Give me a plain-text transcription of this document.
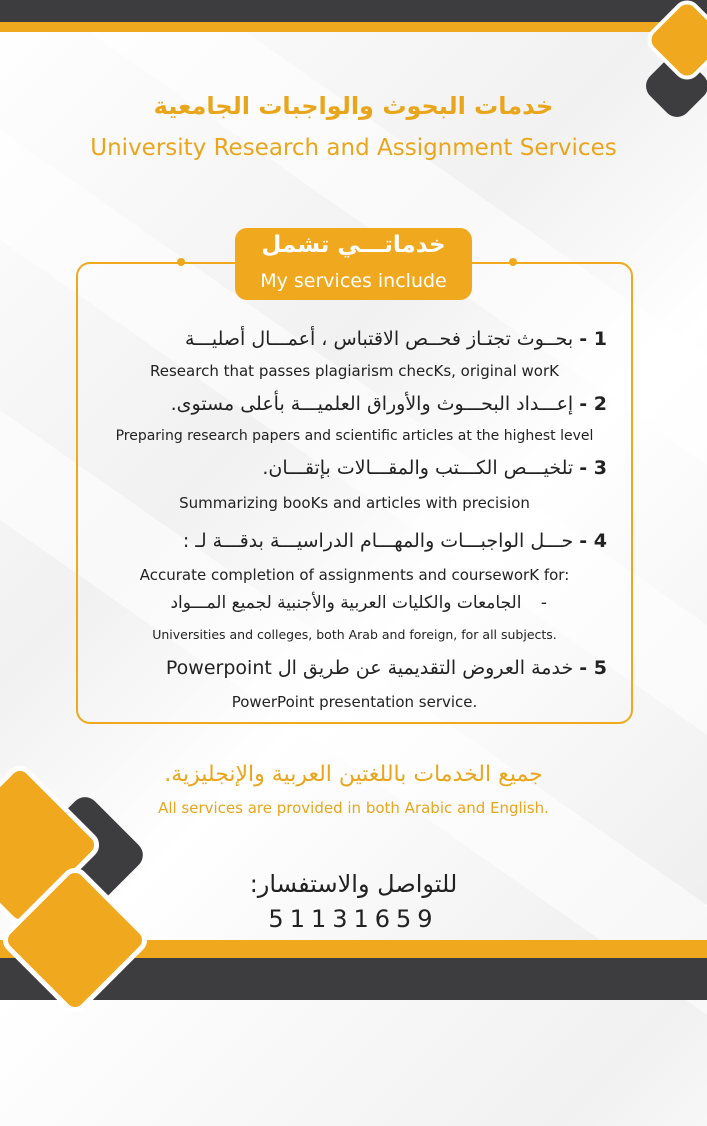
خدمات البحوث والواجبات الجامعية
University Research and Assignment Services
خدماتـــي تشمل
My services include
1 - بحــوث تجتـاز فحــص الاقتباس ، أعمـــال أصليـــة
Research that passes plagiarism checKs, original worK
2 - إعـــداد البحـــوث والأوراق العلميـــة بأعلى مستوى.
Preparing research papers and scientific articles at the highest level
3 - تلخيـــص الكـــتب والمقـــالات بإتقـــان.
Summarizing booKs and articles with precision
4 - حـــل الواجبـــات والمهـــام الدراسيـــة بدقـــة لـ :
Accurate completion of assignments and courseworK for:
- الجامعات والكليات العربية والأجنبية لجميع المـــواد
Universities and colleges, both Arab and foreign, for all subjects.
5 - خدمة العروض التقديمية عن طريق ال Powerpoint
PowerPoint presentation service.
جميع الخدمات باللغتين العربية والإنجليزية.
All services are provided in both Arabic and English.
للتواصل والاستفسار:
51131659
